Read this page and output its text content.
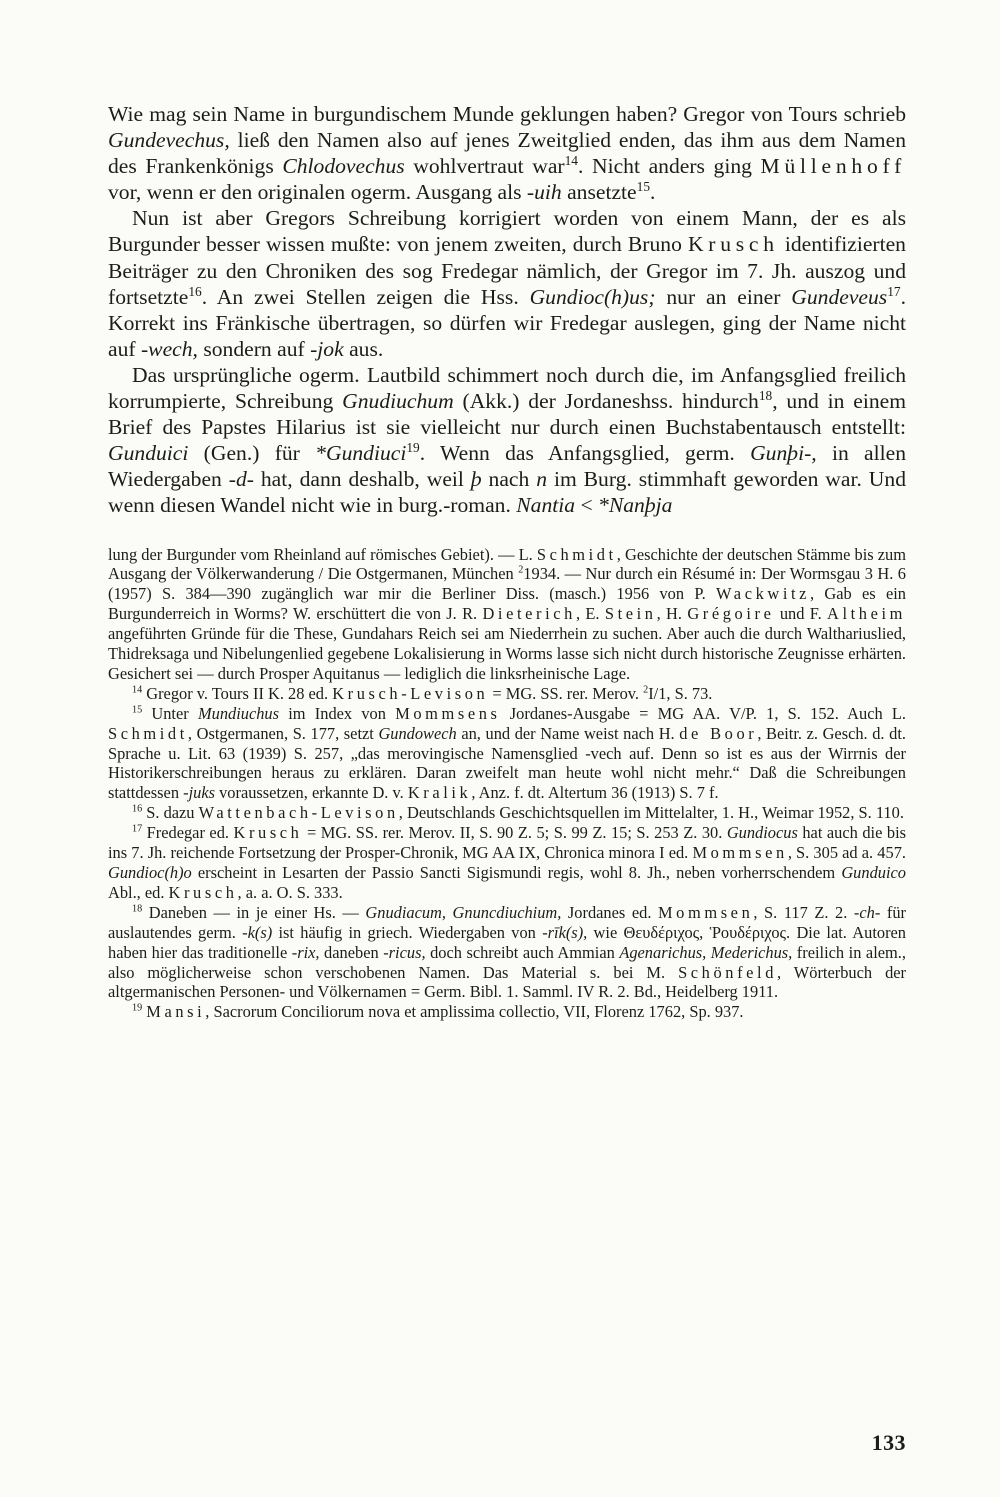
Wie mag sein Name in burgundischem Munde geklungen haben? Gregor von Tours schrieb Gundevechus, ließ den Namen also auf jenes Zweitglied enden, das ihm aus dem Namen des Frankenkönigs Chlodovechus wohlvertraut war$^{14}$. Nicht anders ging Müllenhoff vor, wenn er den originalen ogerm. Ausgang als -uih ansetzte$^{15}$.

Nun ist aber Gregors Schreibung korrigiert worden von einem Mann, der es als Burgunder besser wissen mußte: von jenem zweiten, durch Bruno Krusch identifizierten Beiträger zu den Chroniken des sog Fredegar nämlich, der Gregor im 7. Jh. auszog und fortsetzte$^{16}$. An zwei Stellen zeigen die Hss. Gundioc(h)us; nur an einer Gundeveus$^{17}$. Korrekt ins Fränkische übertragen, so dürfen wir Fredegar auslegen, ging der Name nicht auf -wech, sondern auf -jok aus.

Das ursprüngliche ogerm. Lautbild schimmert noch durch die, im Anfangsglied freilich korrumpierte, Schreibung Gnudiuchum (Akk.) der Jordaneshss. hindurch$^{18}$, und in einem Brief des Papstes Hilarius ist sie vielleicht nur durch einen Buchstabentausch entstellt: Gunduici (Gen.) für *Gundiuci$^{19}$. Wenn das Anfangsglied, germ. Gunþi-, in allen Wiedergaben -d- hat, dann deshalb, weil þ nach n im Burg. stimmhaft geworden war. Und wenn diesen Wandel nicht wie in burg.-roman. Nantia < *Nanþja

lung der Burgunder vom Rheinland auf römisches Gebiet). — L. Schmidt, Geschichte der deutschen Stämme bis zum Ausgang der Völkerwanderung / Die Ostgermanen, München $^2$1934. — Nur durch ein Résumé in: Der Wormsgau 3 H. 6 (1957) S. 384—390 zugänglich war mir die Berliner Diss. (masch.) 1956 von P. Wackwitz, Gab es ein Burgunderreich in Worms? W. erschüttert die von J. R. Dieterich, E. Stein, H. Grégoire und F. Altheim angeführten Gründe für die These, Gundahars Reich sei am Niederrhein zu suchen. Aber auch die durch Walthariuslied, Thidreksaga und Nibelungenlied gegebene Lokalisierung in Worms lasse sich nicht durch historische Zeugnisse erhärten. Gesichert sei — durch Prosper Aquitanus — lediglich die linksrheinische Lage.

$^{14}$ Gregor v. Tours II K. 28 ed. Krusch-Levison = MG. SS. rer. Merov. $^2$I/1, S. 73.

$^{15}$ Unter Mundiuchus im Index von Mommsens Jordanes-Ausgabe = MG AA. V/P. 1, S. 152. Auch L. Schmidt, Ostgermanen, S. 177, setzt Gundowech an, und der Name weist nach H. de Boor, Beitr. z. Gesch. d. dt. Sprache u. Lit. 63 (1939) S. 257, „das merovingische Namensglied -vech auf. Denn so ist es aus der Wirrnis der Historikerschreibungen heraus zu erklären. Daran zweifelt man heute wohl nicht mehr.“ Daß die Schreibungen stattdessen -juks voraussetzen, erkannte D. v. Kralik, Anz. f. dt. Altertum 36 (1913) S. 7 f.

$^{16}$ S. dazu Wattenbach-Levison, Deutschlands Geschichtsquellen im Mittelalter, 1. H., Weimar 1952, S. 110.

$^{17}$ Fredegar ed. Krusch = MG. SS. rer. Merov. II, S. 90 Z. 5; S. 99 Z. 15; S. 253 Z. 30. Gundiocus hat auch die bis ins 7. Jh. reichende Fortsetzung der Prosper-Chronik, MG AA IX, Chronica minora I ed. Mommsen, S. 305 ad a. 457. Gundioc(h)o erscheint in Lesarten der Passio Sancti Sigismundi regis, wohl 8. Jh., neben vorherrschendem Gunduico Abl., ed. Krusch, a. a. O. S. 333.

$^{18}$ Daneben — in je einer Hs. — Gnudiacum, Gnuncdiuchium, Jordanes ed. Mommsen, S. 117 Z. 2. -ch- für auslautendes germ. -k(s) ist häufig in griech. Wiedergaben von -rīk(s), wie Θευδέριχος, Ῥουδέριχος. Die lat. Autoren haben hier das traditionelle -rix, daneben -ricus, doch schreibt auch Ammian Agenarichus, Mederichus, freilich in alem., also möglicherweise schon verschobenen Namen. Das Material s. bei M. Schönfeld, Wörterbuch der altgermanischen Personen- und Völkernamen = Germ. Bibl. 1. Samml. IV R. 2. Bd., Heidelberg 1911.

$^{19}$ Mansi, Sacrorum Conciliorum nova et amplissima collectio, VII, Florenz 1762, Sp. 937.

133
